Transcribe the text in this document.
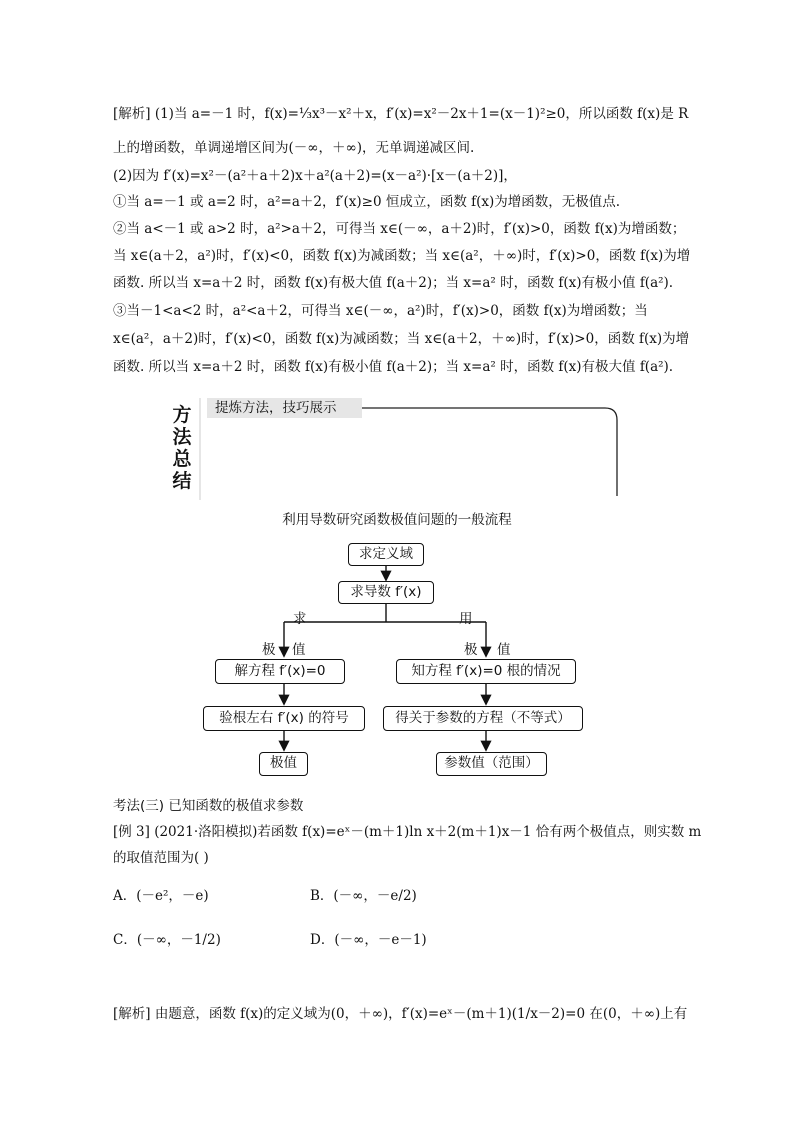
[解析] (1)当 a=－1 时，f(x)=⅓x³－x²＋x，f′(x)=x²－2x＋1=(x－1)²≥0，所以函数 f(x)是 R
上的增函数，单调递增区间为(－∞，＋∞)，无单调递减区间.
(2)因为 f′(x)=x²－(a²＋a＋2)x＋a²(a＋2)=(x－a²)·[x－(a＋2)]，
①当 a=－1 或 a=2 时，a²=a＋2，f′(x)≥0 恒成立，函数 f(x)为增函数，无极值点.
②当 a<－1 或 a>2 时，a²>a＋2，可得当 x∈(－∞，a＋2)时，f′(x)>0，函数 f(x)为增函数；
当 x∈(a＋2，a²)时，f′(x)<0，函数 f(x)为减函数；当 x∈(a²，＋∞)时，f′(x)>0，函数 f(x)为增
函数. 所以当 x=a＋2 时，函数 f(x)有极大值 f(a＋2)；当 x=a² 时，函数 f(x)有极小值 f(a²).
③当－1<a<2 时，a²<a＋2，可得当 x∈(－∞，a²)时，f′(x)>0，函数 f(x)为增函数；当
x∈(a²，a＋2)时，f′(x)<0，函数 f(x)为减函数；当 x∈(a＋2，＋∞)时，f′(x)>0，函数 f(x)为增
函数. 所以当 x=a＋2 时，函数 f(x)有极小值 f(a＋2)；当 x=a² 时，函数 f(x)有极大值 f(a²).
提炼方法，技巧展示
方
法
总
结
利用导数研究函数极值问题的一般流程
求定义域
求导数 f′(x)
求	用
极 值	极 值
解方程 f′(x)=0
验根左右 f′(x) 的符号
极值
知方程 f′(x)=0 根的情况
得关于参数的方程（不等式）
参数值（范围）
考法(三) 已知函数的极值求参数
[例 3] (2021·洛阳模拟)若函数 f(x)=eˣ－(m＋1)ln x＋2(m＋1)x－1 恰有两个极值点，则实数 m
的取值范围为( )
A．(－e²，－e)	B．(－∞，－e/2)
C．(－∞，－1/2)	D．(－∞，－e－1)
[解析] 由题意，函数 f(x)的定义域为(0，＋∞)，f′(x)=eˣ－(m＋1)(1/x－2)=0 在(0，＋∞)上有
